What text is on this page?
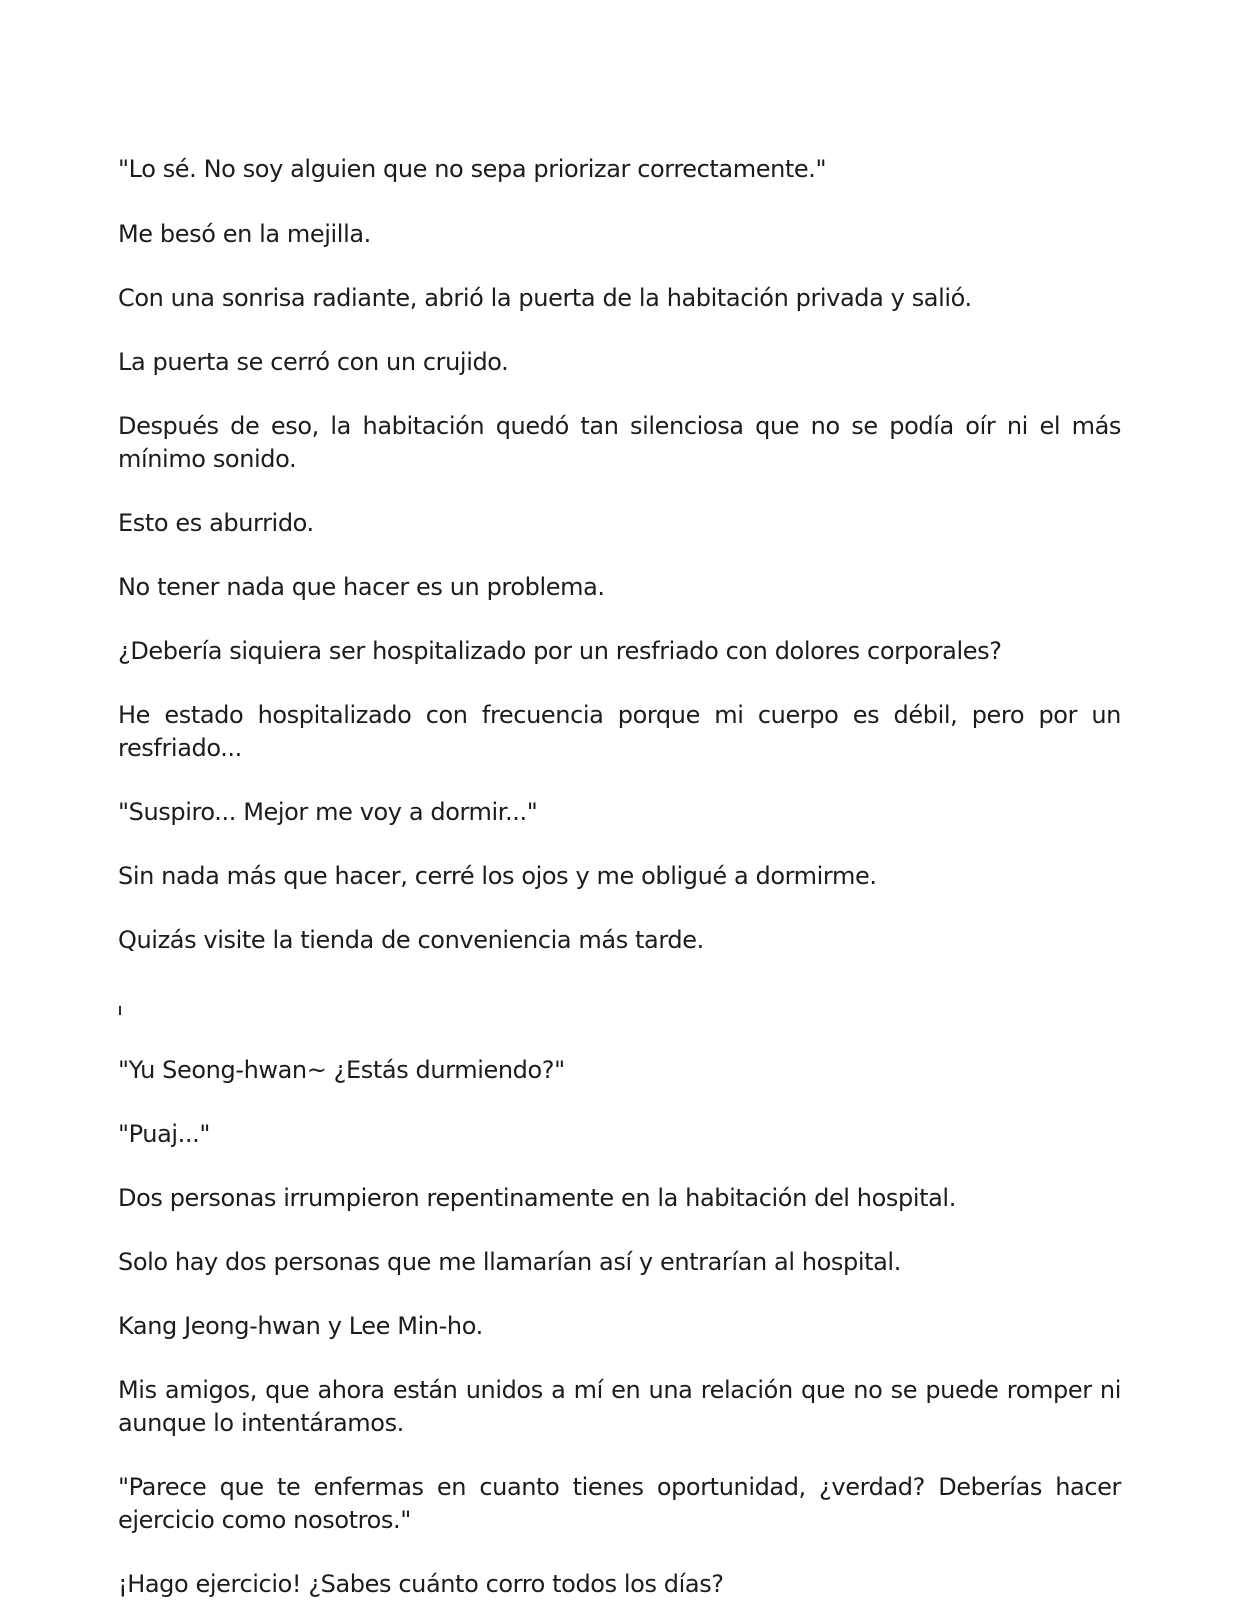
"Lo sé. No soy alguien que no sepa priorizar correctamente."

Me besó en la mejilla.

Con una sonrisa radiante, abrió la puerta de la habitación privada y salió.

La puerta se cerró con un crujido.

Después de eso, la habitación quedó tan silenciosa que no se podía oír ni el más mínimo sonido.

Esto es aburrido.

No tener nada que hacer es un problema.

¿Debería siquiera ser hospitalizado por un resfriado con dolores corporales?

He estado hospitalizado con frecuencia porque mi cuerpo es débil, pero por un resfriado...

"Suspiro... Mejor me voy a dormir..."

Sin nada más que hacer, cerré los ojos y me obligué a dormirme.

Quizás visite la tienda de conveniencia más tarde.

"Yu Seong-hwan~ ¿Estás durmiendo?"

"Puaj..."

Dos personas irrumpieron repentinamente en la habitación del hospital.

Solo hay dos personas que me llamarían así y entrarían al hospital.

Kang Jeong-hwan y Lee Min-ho.

Mis amigos, que ahora están unidos a mí en una relación que no se puede romper ni aunque lo intentáramos.

"Parece que te enfermas en cuanto tienes oportunidad, ¿verdad? Deberías hacer ejercicio como nosotros."

¡Hago ejercicio! ¿Sabes cuánto corro todos los días?
